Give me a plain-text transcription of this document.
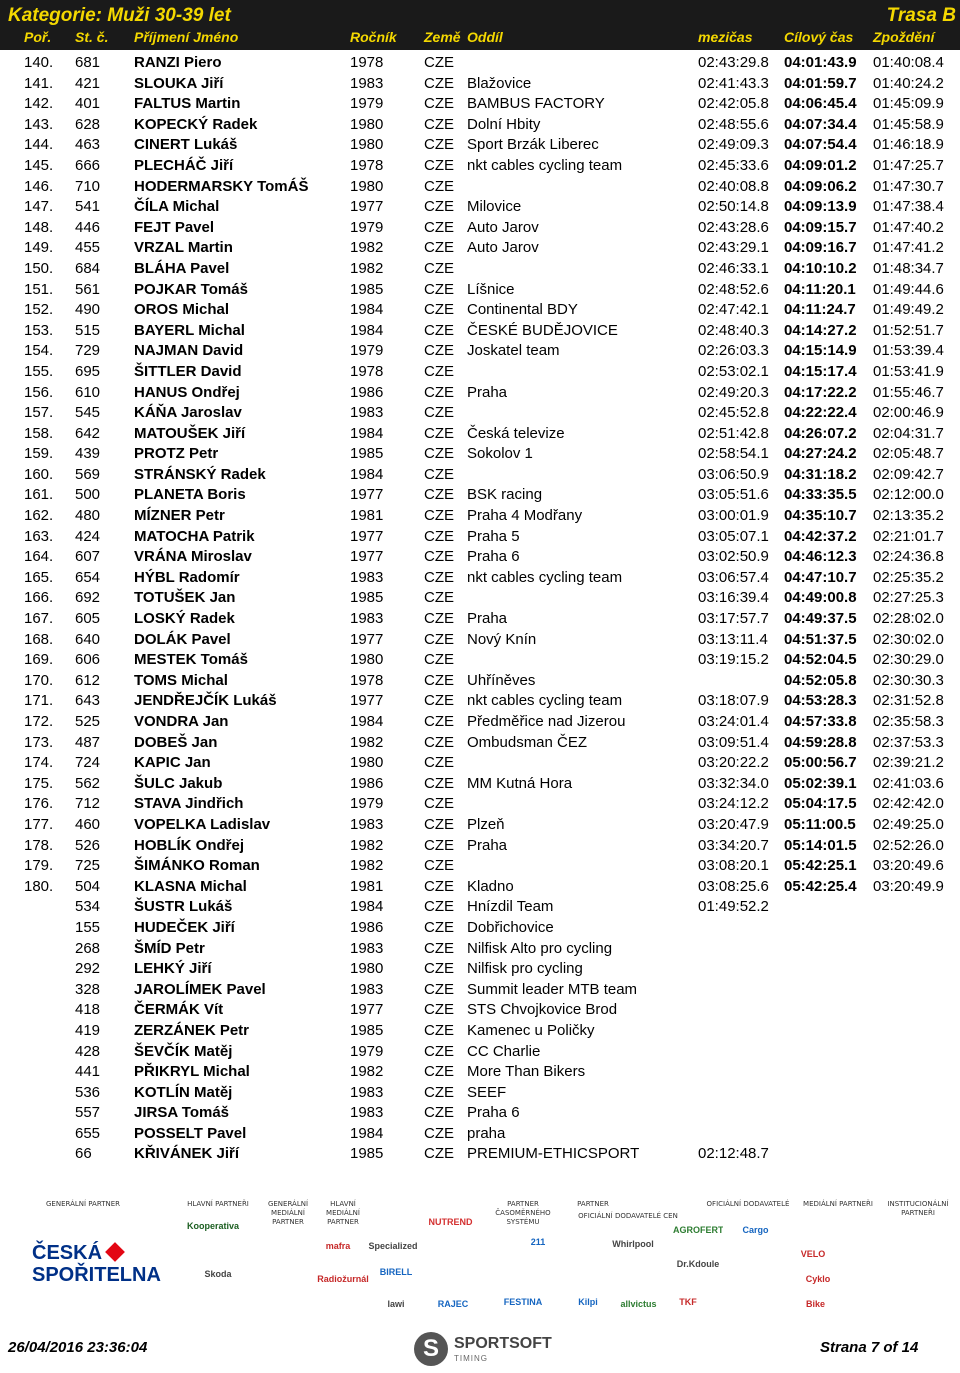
Kategorie: Muži 30-39 let	Trasa B
Poř. St. č. Příjmení Jméno	Ročník Země Oddíl	mezičas Cílový čas Zpoždění
140. 681 RANZI Piero	1978	CZE	02:43:29.8 04:01:43.9 01:40:08.4
141. 421 SLOUKA Jiří	1983	CZE Blažovice	02:41:43.3 04:01:59.7 01:40:24.2
142. 401 FALTUS Martin	1979	CZE BAMBUS FACTORY	02:42:05.8 04:06:45.4 01:45:09.9
143. 628 KOPECKÝ Radek	1980	CZE Dolní Hbity	02:48:55.6 04:07:34.4 01:45:58.9
144. 463 CINERT Lukáš	1980	CZE Sport Brzák Liberec	02:49:09.3 04:07:54.4 01:46:18.9
145. 666 PLECHÁČ Jiří	1978	CZE nkt cables cycling team	02:45:33.6 04:09:01.2 01:47:25.7
146. 710 HODERMARSKY TomÁŠ	1980	CZE	02:40:08.8 04:09:06.2 01:47:30.7
147. 541 ČÍLA Michal	1977	CZE Milovice	02:50:14.8 04:09:13.9 01:47:38.4
148. 446 FEJT Pavel	1979	CZE Auto Jarov	02:43:28.6 04:09:15.7 01:47:40.2
149. 455 VRZAL Martin	1982	CZE Auto Jarov	02:43:29.1 04:09:16.7 01:47:41.2
150. 684 BLÁHA Pavel	1982	CZE	02:46:33.1 04:10:10.2 01:48:34.7
151. 561 POJKAR Tomáš	1985	CZE Líšnice	02:48:52.6 04:11:20.1 01:49:44.6
152. 490 OROS Michal	1984	CZE Continental BDY	02:47:42.1 04:11:24.7 01:49:49.2
153. 515 BAYERL Michal	1984	CZE ČESKÉ BUDĚJOVICE	02:48:40.3 04:14:27.2 01:52:51.7
154. 729 NAJMAN David	1979	CZE Joskatel team	02:26:03.3 04:15:14.9 01:53:39.4
155. 695 ŠITTLER David	1978	CZE	02:53:02.1 04:15:17.4 01:53:41.9
156. 610 HANUS Ondřej	1986	CZE Praha	02:49:20.3 04:17:22.2 01:55:46.7
157. 545 KÁŇA Jaroslav	1983	CZE	02:45:52.8 04:22:22.4 02:00:46.9
158. 642 MATOUŠEK Jiří	1984	CZE Česká televize	02:51:42.8 04:26:07.2 02:04:31.7
159. 439 PROTZ Petr	1985	CZE Sokolov 1	02:58:54.1 04:27:24.2 02:05:48.7
160. 569 STRÁNSKÝ Radek	1984	CZE	03:06:50.9 04:31:18.2 02:09:42.7
161. 500 PLANETA Boris	1977	CZE BSK racing	03:05:51.6 04:33:35.5 02:12:00.0
162. 480 MÍZNER Petr	1981	CZE Praha 4 Modřany	03:00:01.9 04:35:10.7 02:13:35.2
163. 424 MATOCHA Patrik	1977	CZE Praha 5	03:05:07.1 04:42:37.2 02:21:01.7
164. 607 VRÁNA Miroslav	1977	CZE Praha 6	03:02:50.9 04:46:12.3 02:24:36.8
165. 654 HÝBL Radomír	1983	CZE nkt cables cycling team	03:06:57.4 04:47:10.7 02:25:35.2
166. 692 TOTUŠEK Jan	1985	CZE	03:16:39.4 04:49:00.8 02:27:25.3
167. 605 LOSKÝ Radek	1983	CZE Praha	03:17:57.7 04:49:37.5 02:28:02.0
168. 640 DOLÁK Pavel	1977	CZE Nový Knín	03:13:11.4 04:51:37.5 02:30:02.0
169. 606 MESTEK Tomáš	1980	CZE	03:19:15.2 04:52:04.5 02:30:29.0
170. 612 TOMS Michal	1978	CZE Uhříněves	04:52:05.8 02:30:30.3
171. 643 JENDŘEJČÍK Lukáš	1977	CZE nkt cables cycling team	03:18:07.9 04:53:28.3 02:31:52.8
172. 525 VONDRA Jan	1984	CZE Předměřice nad Jizerou	03:24:01.4 04:57:33.8 02:35:58.3
173. 487 DOBEŠ Jan	1982	CZE Ombudsman ČEZ	03:09:51.4 04:59:28.8 02:37:53.3
174. 724 KAPIC Jan	1980	CZE	03:20:22.2 05:00:56.7 02:39:21.2
175. 562 ŠULC Jakub	1986	CZE MM Kutná Hora	03:32:34.0 05:02:39.1 02:41:03.6
176. 712 STAVA Jindřich	1979	CZE	03:24:12.2 05:04:17.5 02:42:42.0
177. 460 VOPELKA Ladislav	1983	CZE Plzeň	03:20:47.9 05:11:00.5 02:49:25.0
178. 526 HOBLÍK Ondřej	1982	CZE Praha	03:34:20.7 05:14:01.5 02:52:26.0
179. 725 ŠIMÁNKO Roman	1982	CZE	03:08:20.1 05:42:25.1 03:20:49.6
180. 504 KLASNA Michal	1981	CZE Kladno	03:08:25.6 05:42:25.4 03:20:49.9
534 ŠUSTR Lukáš	1984	CZE Hnízdil Team	01:49:52.2
155 HUDEČEK Jiří	1986	CZE Dobřichovice
268 ŠMÍD Petr	1983	CZE Nilfisk Alto pro cycling
292 LEHKÝ Jiří	1980	CZE Nilfisk pro cycling
328 JAROLÍMEK Pavel	1983	CZE Summit leader MTB team
418 ČERMÁK Vít	1977	CZE STS Chvojkovice Brod
419 ZERZÁNEK Petr	1985	CZE Kamenec u Poličky
428 ŠEVČÍK Matěj	1979	CZE CC Charlie
441 PŘIKRYL Michal	1982	CZE More Than Bikers
536 KOTLÍN Matěj	1983	CZE SEEF
557 JIRSA Tomáš	1983	CZE Praha 6
655 POSSELT Pavel	1984	CZE praha
66	KŘIVÁNEK Jiří	1985	CZE PREMIUM-ETHICSPORT	02:12:48.7
GENERÁLNÍ PARTNER
ČESKÁ
SPOŘITELNA
HLAVNÍ PARTNEŘI	GENERÁLNÍ MEDIÁLNÍ PARTNER
HLAVNÍ MEDIÁLNÍ PARTNER
PARTNER ČASOMĚRNÉHO SYSTÉMU
PARTNER
OFICIÁLNÍ DODAVATELÉ CEN
OFICIÁLNÍ DODAVATELÉ	MEDIÁLNÍ PARTNEŘI	INSTITUCIONÁLNÍ PARTNEŘI
Kooperativa
Škoda
mafra
Radiožurnál
NUTREND
BIRELL
lawi	RAJEC
211
FESTINA
Whirlpool
Kilpi	allvictus
AGROFERT	Cargo
Dr.Kdoule
TKF
VELO
Cyklo
Specialized
Bike
26/04/2016 23:36:04
S	SPORTSOFT
TIMING
Strana 7 of 14
